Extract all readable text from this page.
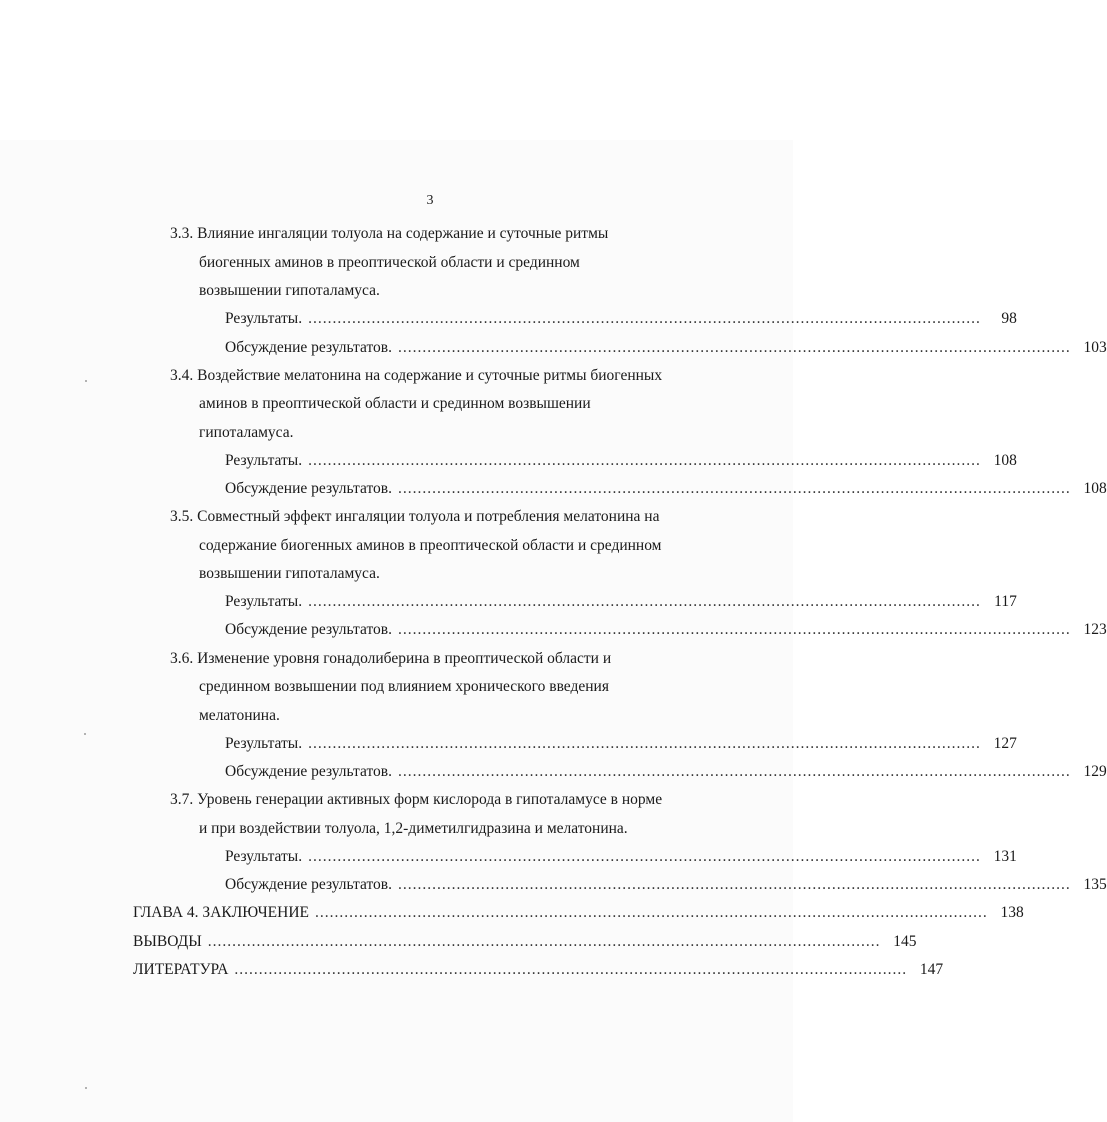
3
3.3. Влияние ингаляции толуола на содержание и суточные ритмы
биогенных аминов в преоптической области и срединном
возвышении гипоталамуса.
Результаты. ..........................................................................................................................................	98
Обсуждение результатов. .......................................................................................................................................... 103
3.4. Воздействие мелатонина на содержание и суточные ритмы биогенных
аминов в преоптической области и срединном возвышении
гипоталамуса.
Результаты. .......................................................................................................................................... 108
Обсуждение результатов. .......................................................................................................................................... 108
3.5. Совместный эффект ингаляции толуола и потребления мелатонина на
содержание биогенных аминов в преоптической области и срединном
возвышении гипоталамуса.
Результаты. .......................................................................................................................................... 117
Обсуждение результатов. .......................................................................................................................................... 123
3.6. Изменение уровня гонадолиберина в преоптической области и
срединном возвышении под влиянием хронического введения
мелатонина.
Результаты. .......................................................................................................................................... 127
Обсуждение результатов. .......................................................................................................................................... 129
3.7. Уровень генерации активных форм кислорода в гипоталамусе в норме
и при воздействии толуола, 1,2-диметилгидразина и мелатонина.
Результаты. .......................................................................................................................................... 131
Обсуждение результатов. .......................................................................................................................................... 135
ГЛАВА 4. ЗАКЛЮЧЕНИЕ .......................................................................................................................................... 138
ВЫВОДЫ .......................................................................................................................................... 145
ЛИТЕРАТУРА .......................................................................................................................................... 147
